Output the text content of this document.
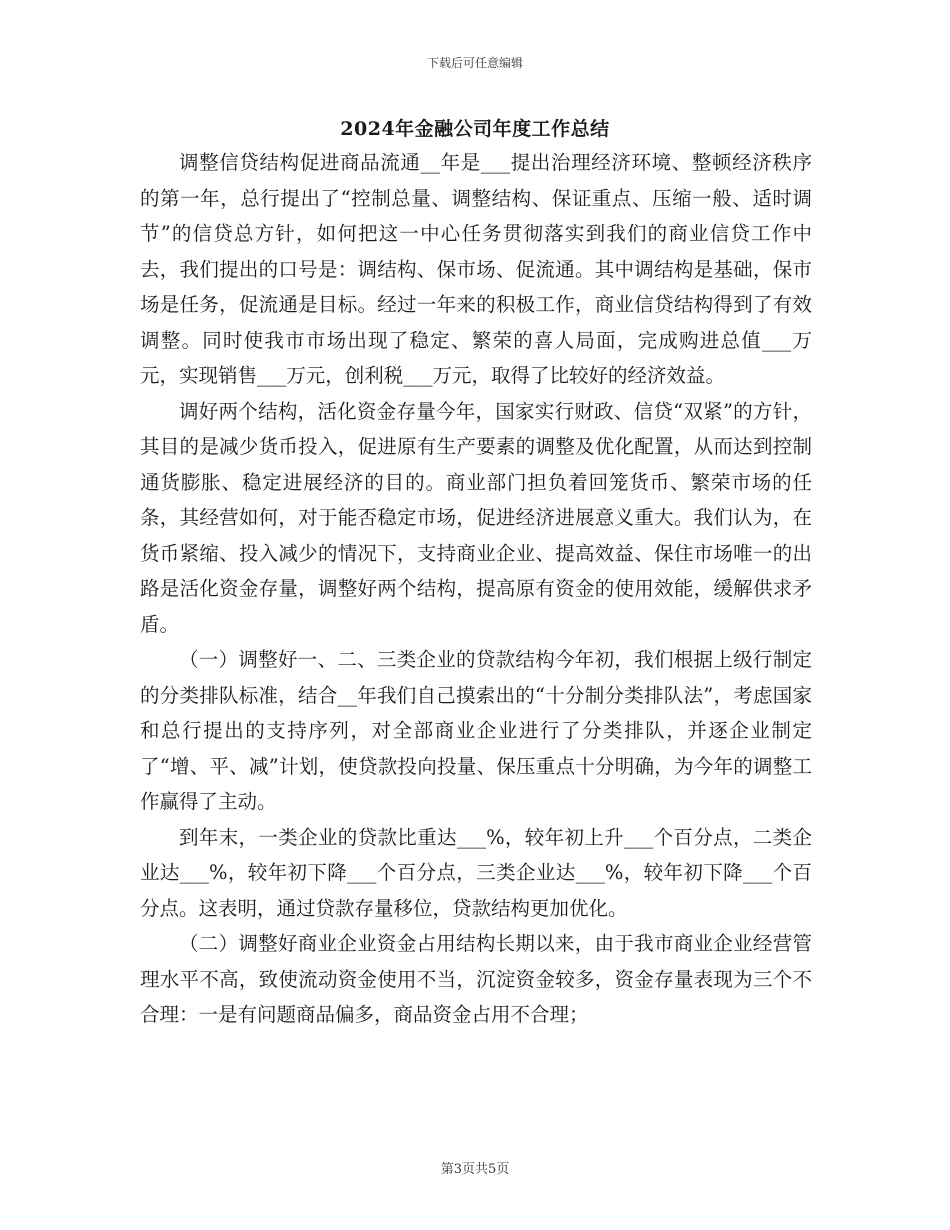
下载后可任意编辑
2024年金融公司年度工作总结

调整信贷结构促进商品流通__年是___提出治理经济环境、整顿经济秩序的第一年，总行提出了“控制总量、调整结构、保证重点、压缩一般、适时调节”的信贷总方针，如何把这一中心任务贯彻落实到我们的商业信贷工作中去，我们提出的口号是：调结构、保市场、促流通。其中调结构是基础，保市场是任务，促流通是目标。经过一年来的积极工作，商业信贷结构得到了有效调整。同时使我市市场出现了稳定、繁荣的喜人局面，完成购进总值___万元，实现销售___万元，创利税___万元，取得了比较好的经济效益。

调好两个结构，活化资金存量今年，国家实行财政、信贷“双紧”的方针，其目的是减少货币投入，促进原有生产要素的调整及优化配置，从而达到控制通货膨胀、稳定进展经济的目的。商业部门担负着回笼货币、繁荣市场的任条，其经营如何，对于能否稳定市场，促进经济进展意义重大。我们认为，在货币紧缩、投入减少的情况下，支持商业企业、提高效益、保住市场唯一的出路是活化资金存量，调整好两个结构，提高原有资金的使用效能，缓解供求矛盾。

（一）调整好一、二、三类企业的贷款结构今年初，我们根据上级行制定的分类排队标准，结合__年我们自己摸索出的“十分制分类排队法”，考虑国家和总行提出的支持序列，对全部商业企业进行了分类排队，并逐企业制定了“增、平、减”计划，使贷款投向投量、保压重点十分明确，为今年的调整工作赢得了主动。

到年末，一类企业的贷款比重达___%，较年初上升___个百分点，二类企业达___%，较年初下降___个百分点，三类企业达___%，较年初下降___个百分点。这表明，通过贷款存量移位，贷款结构更加优化。

（二）调整好商业企业资金占用结构长期以来，由于我市商业企业经营管理水平不高，致使流动资金使用不当，沉淀资金较多，资金存量表现为三个不合理：一是有问题商品偏多，商品资金占用不合理；

第3页共5页
